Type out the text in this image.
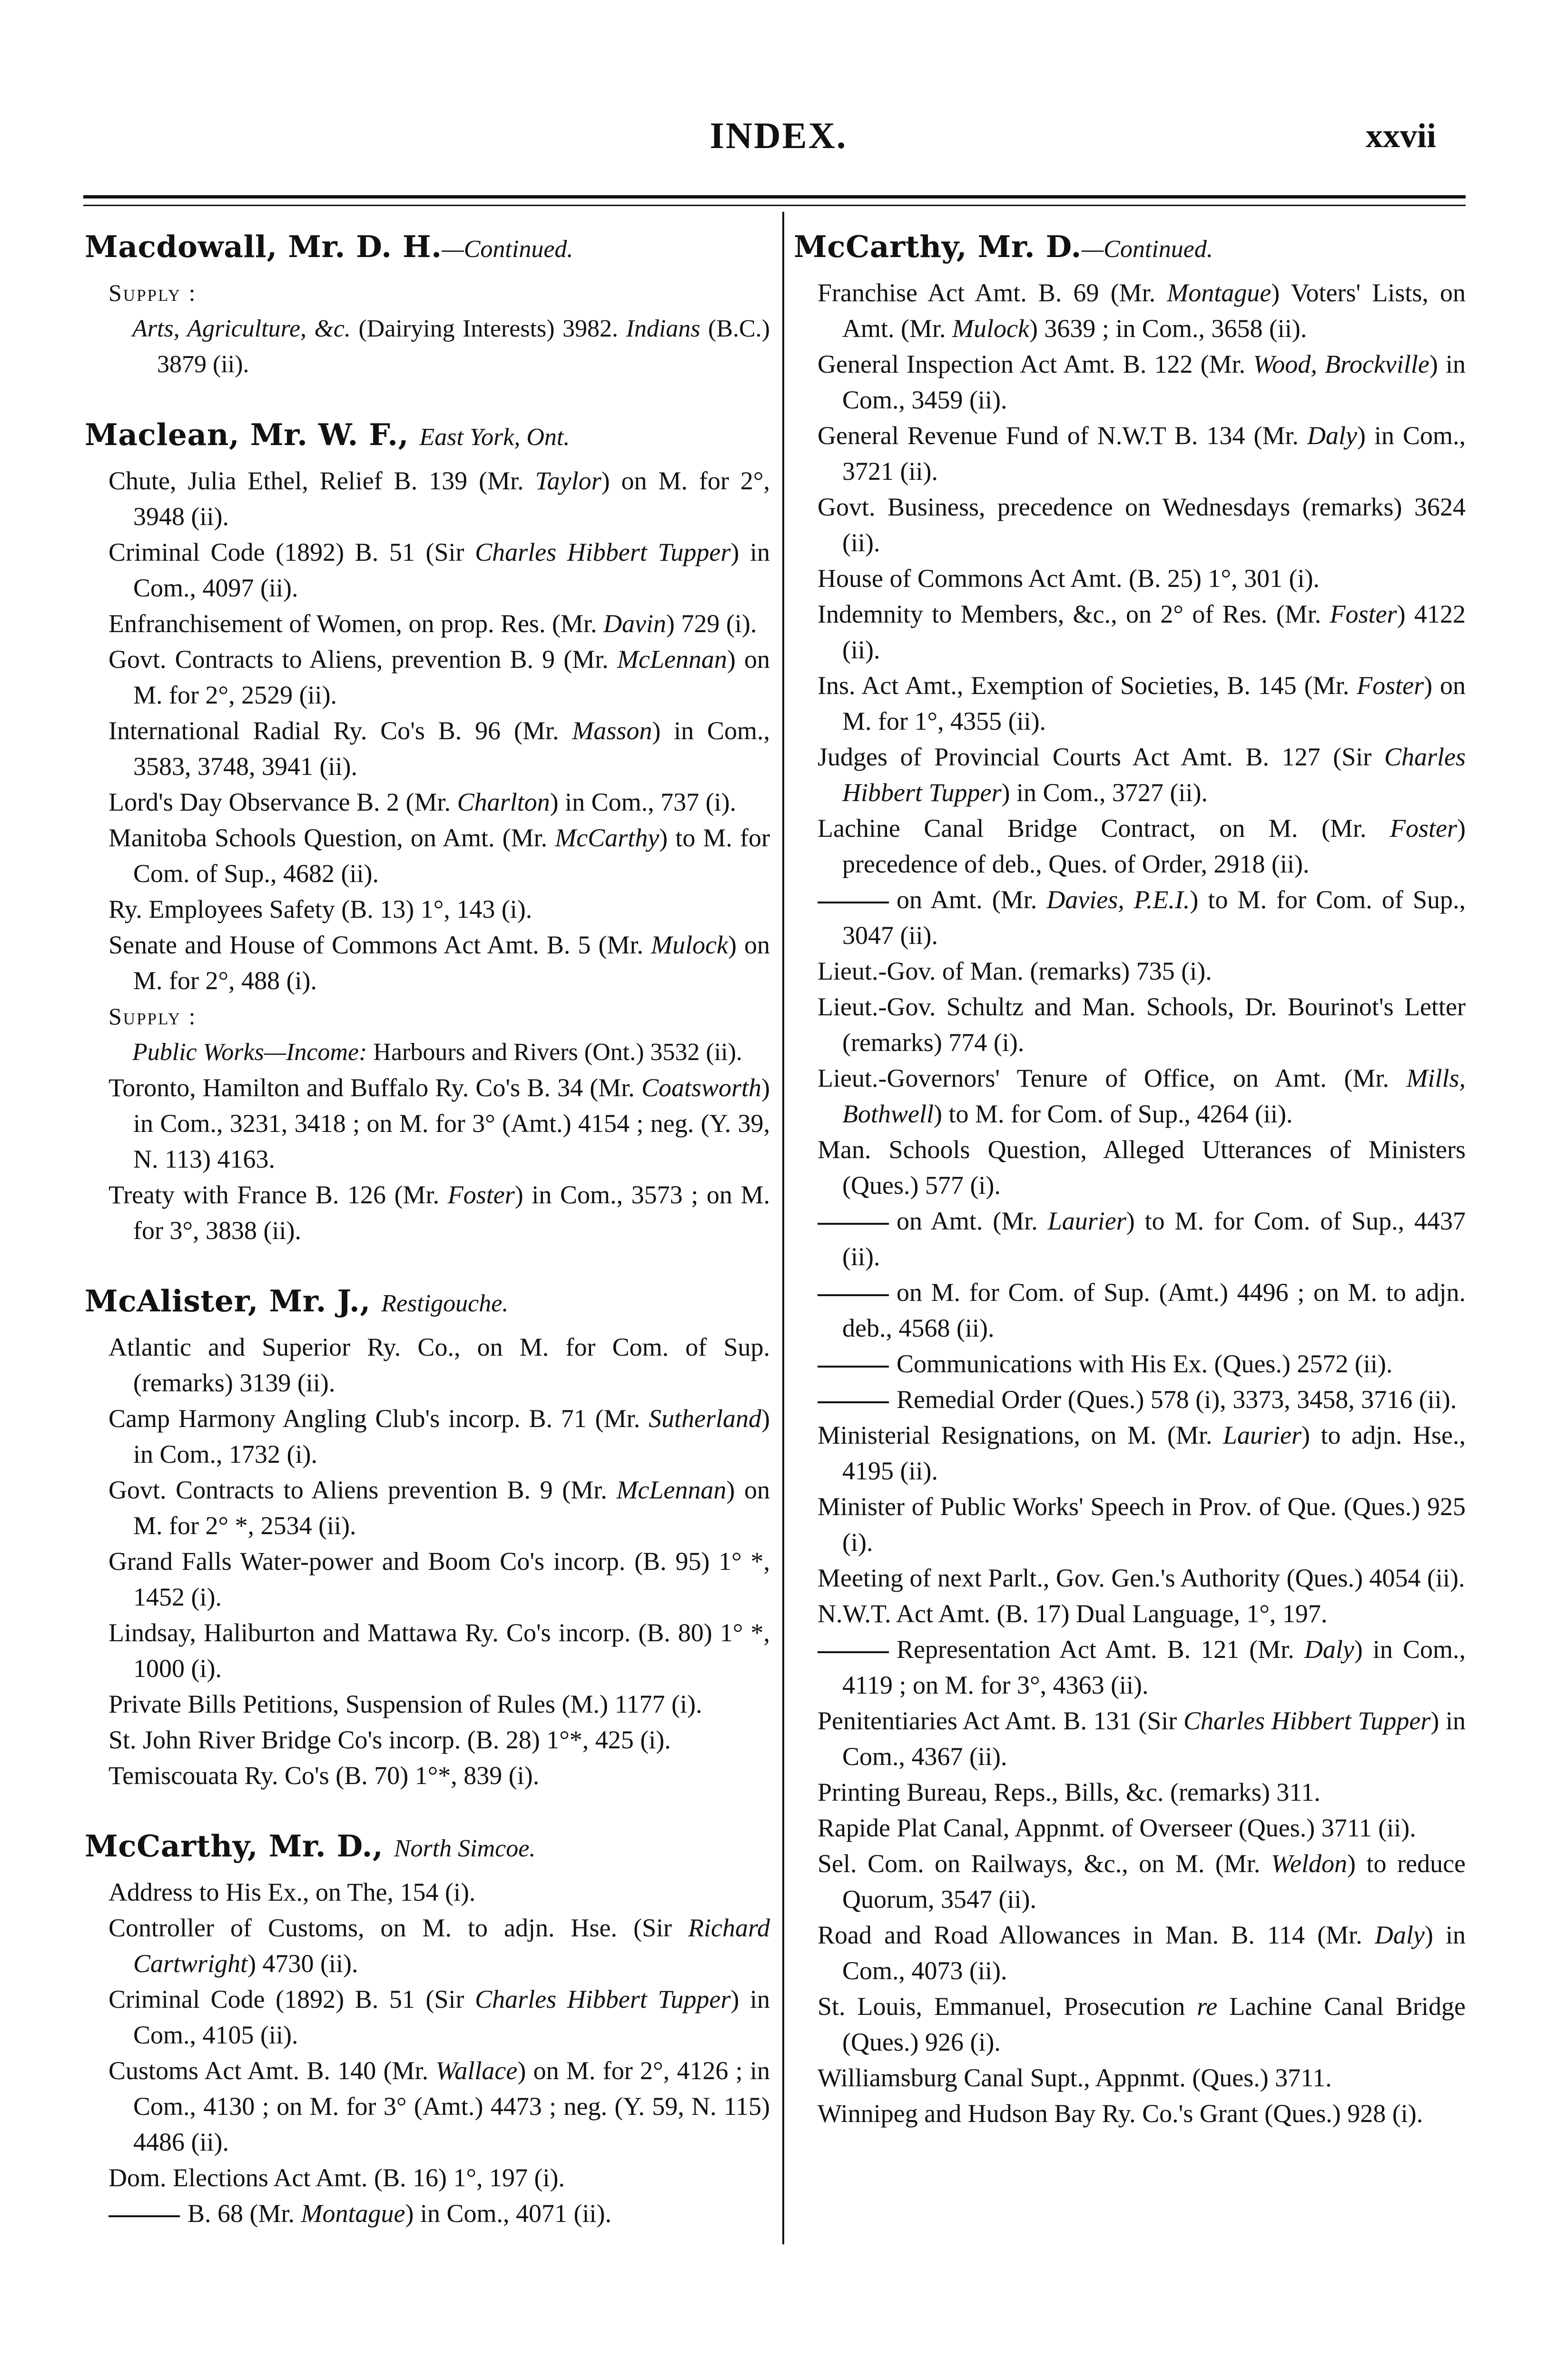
INDEX.	xxvii
Macdowall, Mr. D. H.—Continued.

Supply :

Arts, Agriculture, &c. (Dairying Interests) 3982. Indians (B.C.) 3879 (ii).

Maclean, Mr. W. F., East York, Ont.

Chute, Julia Ethel, Relief B. 139 (Mr. Taylor) on M. for 2°, 3948 (ii).

Criminal Code (1892) B. 51 (Sir Charles Hibbert Tupper) in Com., 4097 (ii).

Enfranchisement of Women, on prop. Res. (Mr. Davin) 729 (i).

Govt. Contracts to Aliens, prevention B. 9 (Mr. McLennan) on M. for 2°, 2529 (ii).

International Radial Ry. Co's B. 96 (Mr. Masson) in Com., 3583, 3748, 3941 (ii).

Lord's Day Observance B. 2 (Mr. Charlton) in Com., 737 (i).

Manitoba Schools Question, on Amt. (Mr. McCarthy) to M. for Com. of Sup., 4682 (ii).

Ry. Employees Safety (B. 13) 1°, 143 (i).

Senate and House of Commons Act Amt. B. 5 (Mr. Mulock) on M. for 2°, 488 (i).

Supply :

Public Works—Income: Harbours and Rivers (Ont.) 3532 (ii).

Toronto, Hamilton and Buffalo Ry. Co's B. 34 (Mr. Coatsworth) in Com., 3231, 3418 ; on M. for 3° (Amt.) 4154 ; neg. (Y. 39, N. 113) 4163.

Treaty with France B. 126 (Mr. Foster) in Com., 3573 ; on M. for 3°, 3838 (ii).

McAlister, Mr. J., Restigouche.

Atlantic and Superior Ry. Co., on M. for Com. of Sup. (remarks) 3139 (ii).

Camp Harmony Angling Club's incorp. B. 71 (Mr. Sutherland) in Com., 1732 (i).

Govt. Contracts to Aliens prevention B. 9 (Mr. McLennan) on M. for 2° *, 2534 (ii).

Grand Falls Water-power and Boom Co's incorp. (B. 95) 1° *, 1452 (i).

Lindsay, Haliburton and Mattawa Ry. Co's incorp. (B. 80) 1° *, 1000 (i).

Private Bills Petitions, Suspension of Rules (M.) 1177 (i).

St. John River Bridge Co's incorp. (B. 28) 1°*, 425 (i).

Temiscouata Ry. Co's (B. 70) 1°*, 839 (i).

McCarthy, Mr. D., North Simcoe.

Address to His Ex., on The, 154 (i).

Controller of Customs, on M. to adjn. Hse. (Sir Richard Cartwright) 4730 (ii).

Criminal Code (1892) B. 51 (Sir Charles Hibbert Tupper) in Com., 4105 (ii).

Customs Act Amt. B. 140 (Mr. Wallace) on M. for 2°, 4126 ; in Com., 4130 ; on M. for 3° (Amt.) 4473 ; neg. (Y. 59, N. 115) 4486 (ii).

Dom. Elections Act Amt. (B. 16) 1°, 197 (i).

B. 68 (Mr. Montague) in Com., 4071 (ii).

McCarthy, Mr. D.—Continued.

Franchise Act Amt. B. 69 (Mr. Montague) Voters' Lists, on Amt. (Mr. Mulock) 3639 ; in Com., 3658 (ii).

General Inspection Act Amt. B. 122 (Mr. Wood, Brockville) in Com., 3459 (ii).

General Revenue Fund of N.W.T B. 134 (Mr. Daly) in Com., 3721 (ii).

Govt. Business, precedence on Wednesdays (remarks) 3624 (ii).

House of Commons Act Amt. (B. 25) 1°, 301 (i).

Indemnity to Members, &c., on 2° of Res. (Mr. Foster) 4122 (ii).

Ins. Act Amt., Exemption of Societies, B. 145 (Mr. Foster) on M. for 1°, 4355 (ii).

Judges of Provincial Courts Act Amt. B. 127 (Sir Charles Hibbert Tupper) in Com., 3727 (ii).

Lachine Canal Bridge Contract, on M. (Mr. Foster) precedence of deb., Ques. of Order, 2918 (ii).

on Amt. (Mr. Davies, P.E.I.) to M. for Com. of Sup., 3047 (ii).

Lieut.-Gov. of Man. (remarks) 735 (i).

Lieut.-Gov. Schultz and Man. Schools, Dr. Bourinot's Letter (remarks) 774 (i).

Lieut.-Governors' Tenure of Office, on Amt. (Mr. Mills, Bothwell) to M. for Com. of Sup., 4264 (ii).

Man. Schools Question, Alleged Utterances of Ministers (Ques.) 577 (i).

on Amt. (Mr. Laurier) to M. for Com. of Sup., 4437 (ii).

on M. for Com. of Sup. (Amt.) 4496 ; on M. to adjn. deb., 4568 (ii).

Communications with His Ex. (Ques.) 2572 (ii).

Remedial Order (Ques.) 578 (i), 3373, 3458, 3716 (ii).

Ministerial Resignations, on M. (Mr. Laurier) to adjn. Hse., 4195 (ii).

Minister of Public Works' Speech in Prov. of Que. (Ques.) 925 (i).

Meeting of next Parlt., Gov. Gen.'s Authority (Ques.) 4054 (ii).

N.W.T. Act Amt. (B. 17) Dual Language, 1°, 197.

Representation Act Amt. B. 121 (Mr. Daly) in Com., 4119 ; on M. for 3°, 4363 (ii).

Penitentiaries Act Amt. B. 131 (Sir Charles Hibbert Tupper) in Com., 4367 (ii).

Printing Bureau, Reps., Bills, &c. (remarks) 311.

Rapide Plat Canal, Appnmt. of Overseer (Ques.) 3711 (ii).

Sel. Com. on Railways, &c., on M. (Mr. Weldon) to reduce Quorum, 3547 (ii).

Road and Road Allowances in Man. B. 114 (Mr. Daly) in Com., 4073 (ii).

St. Louis, Emmanuel, Prosecution re Lachine Canal Bridge (Ques.) 926 (i).

Williamsburg Canal Supt., Appnmt. (Ques.) 3711.

Winnipeg and Hudson Bay Ry. Co.'s Grant (Ques.) 928 (i).
